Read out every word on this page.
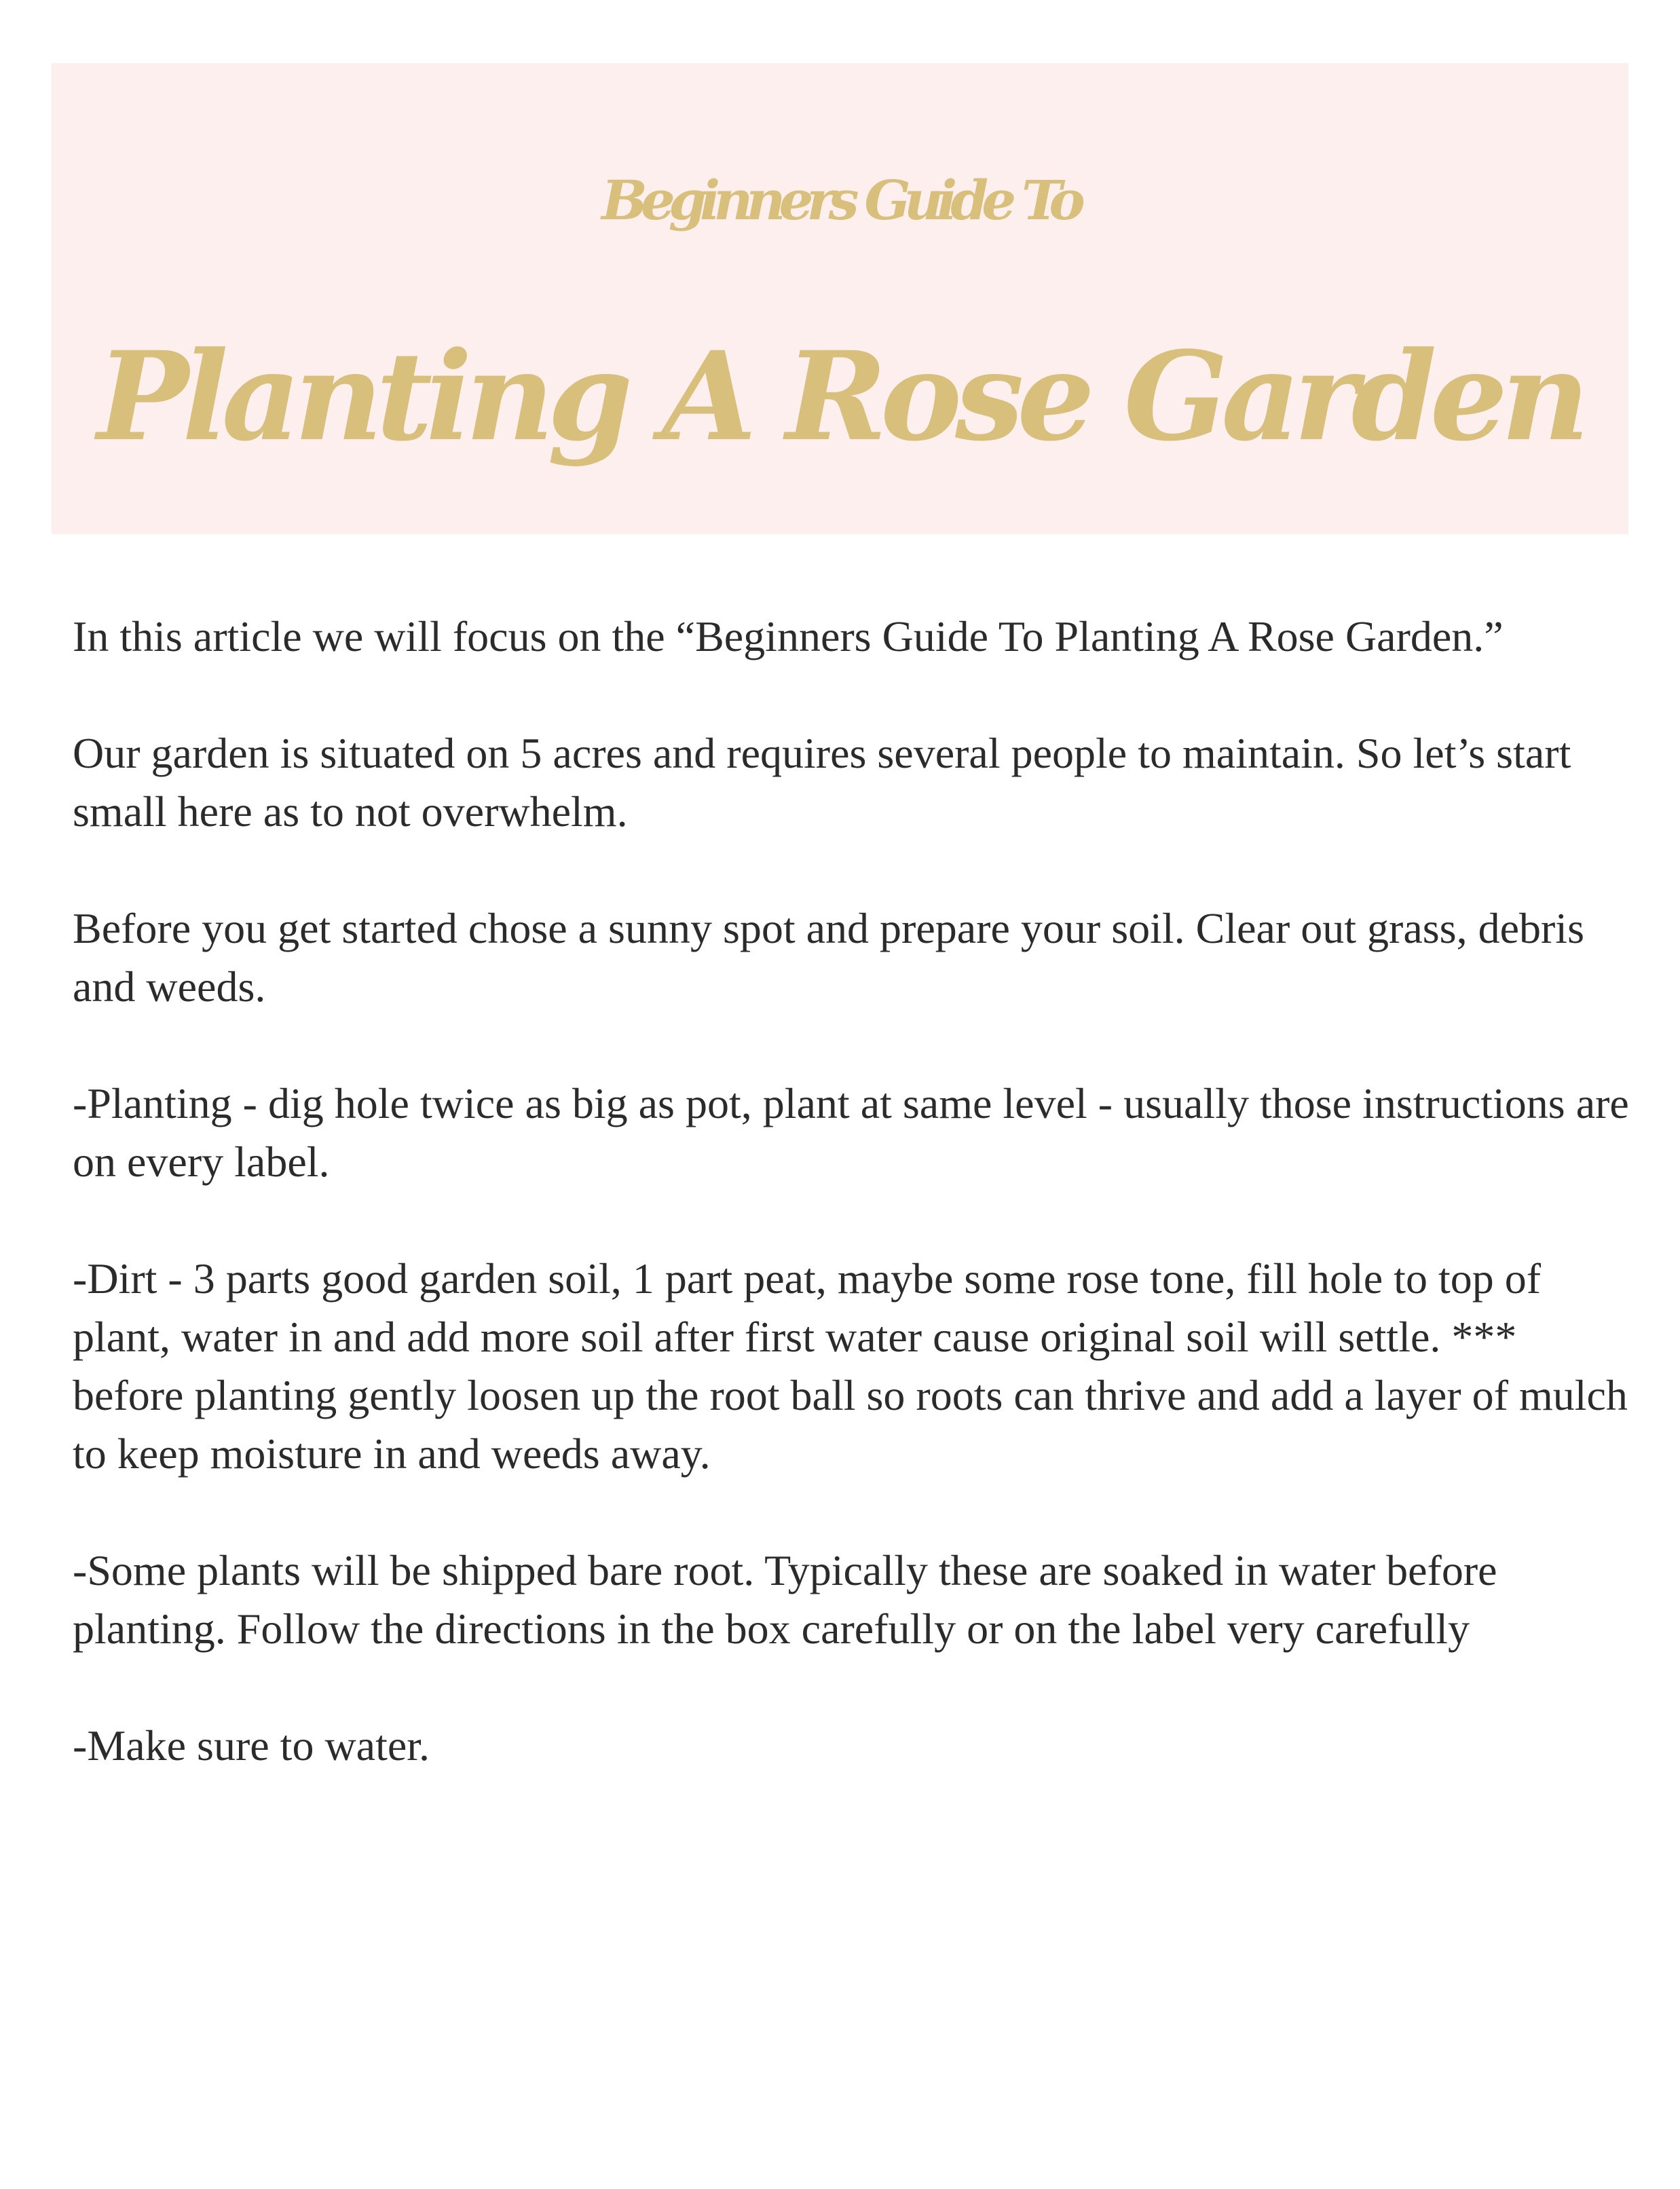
Beginners Guide To
Planting A Rose Garden

In this article we will focus on the “Beginners Guide To Planting A Rose Garden.”

Our garden is situated on 5 acres and requires several people to maintain. So let’s start small here as to not overwhelm.

Before you get started chose a sunny spot and prepare your soil. Clear out grass, debris and weeds.

-Planting - dig hole twice as big as pot, plant at same level - usually those instructions are on every label.

-Dirt - 3 parts good garden soil, 1 part peat, maybe some rose tone, fill hole to top of plant, water in and add more soil after first water cause original soil will settle. *** before planting gently loosen up the root ball so roots can thrive and add a layer of mulch to keep moisture in and weeds away.

-Some plants will be shipped bare root. Typically these are soaked in water before planting. Follow the directions in the box carefully or on the label very carefully

-Make sure to water.
